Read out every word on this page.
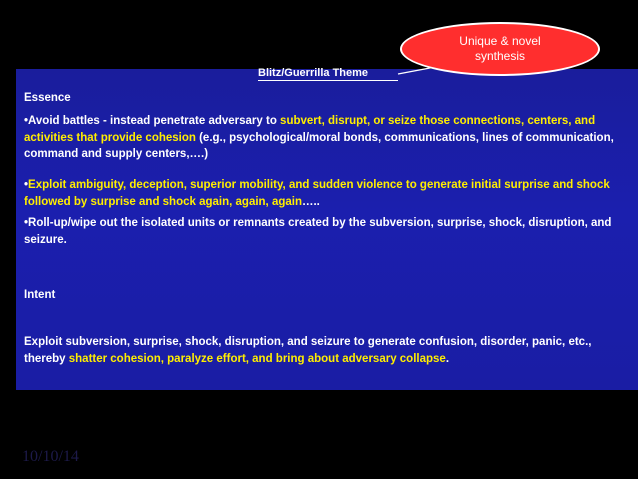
Unique & novel
synthesis
Blitz/Guerrilla Theme
Essence
•Avoid battles - instead penetrate adversary to subvert, disrupt, or seize those connections, centers, and activities that provide cohesion (e.g., psychological/moral bonds, communications, lines of communication, command and supply centers,….)
•Exploit ambiguity, deception, superior mobility, and sudden violence to generate initial surprise and shock followed by surprise and shock again, again, again…..
•Roll-up/wipe out the isolated units or remnants created by the subversion, surprise, shock, disruption, and seizure.
Intent
Exploit subversion, surprise, shock, disruption, and seizure to generate confusion, disorder, panic, etc., thereby shatter cohesion, paralyze effort, and bring about adversary collapse.
10/10/14
